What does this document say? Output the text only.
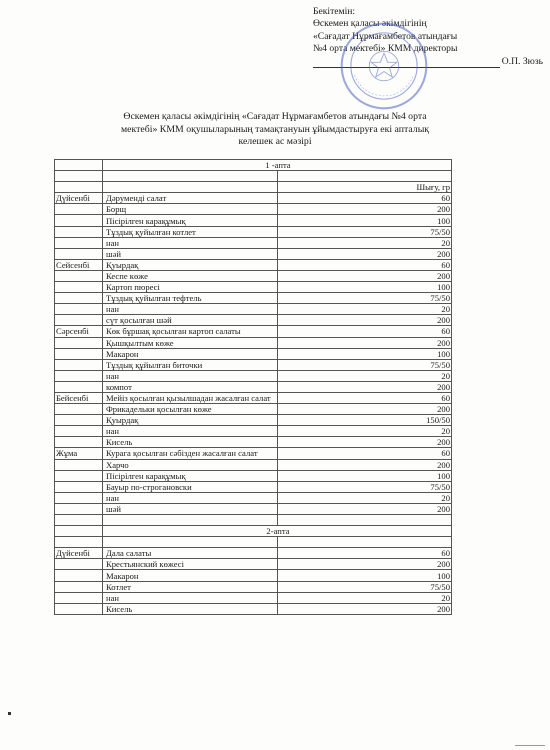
Бекітемін:
Өскемен қаласы әкімдігінің
«Сағадат Нұрмағамбетов атындағы
№4 орта мектебі» КММ директоры
О.П. Зюзь
Өскемен қаласы әкімдігінің «Сағадат Нұрмағамбетов атындағы №4 орта
мектебі» КММ оқушыларының тамақтануын ұйымдастыруға екі апталық
келешек ас мәзірі
	1 -апта	

		Шығу, гр
Дүйсенбі	Дәрумендi салат	60
	Борщ	200
	Пісірілген карақұмық	100
	Тұздық қуйылған котлет	75/50
	нан	20
	шәй	200
Сейсенбі	Қуырдақ	60
	Кеспе көже	200
	Картоп пюресі	100
	Тұздық қуйылған тефтель	75/50
	нан	20
	сүт қосылған шәй	200
Сәрсенбі	Көк бұршақ қосылған картоп салаты	60
	Қышқылтым көже	200
	Макарон	100
	Тұздық құйылған биточки	75/50
	нан	20
	компот	200
Бейсенбі	Мейіз қосылған қызылшадан жасалған салат	60
	Фрикадельки қосылған көже	200
	Қуырдақ	150/50
	нан	20
	Кисель	200
Жұма	Курага қосылған сәбізден жасалған салат	60
	Харчо	200
	Пісірілген карақұмық	100
	Бауыр по-строгановски	75/50
	нан	20
	шәй	200

	2-апта	

Дүйсенбі	Дала салаты	60
	Крестьянский көжесі	200
	Макарон	100
	Котлет	75/50
	нан	20
	Кисель	200
